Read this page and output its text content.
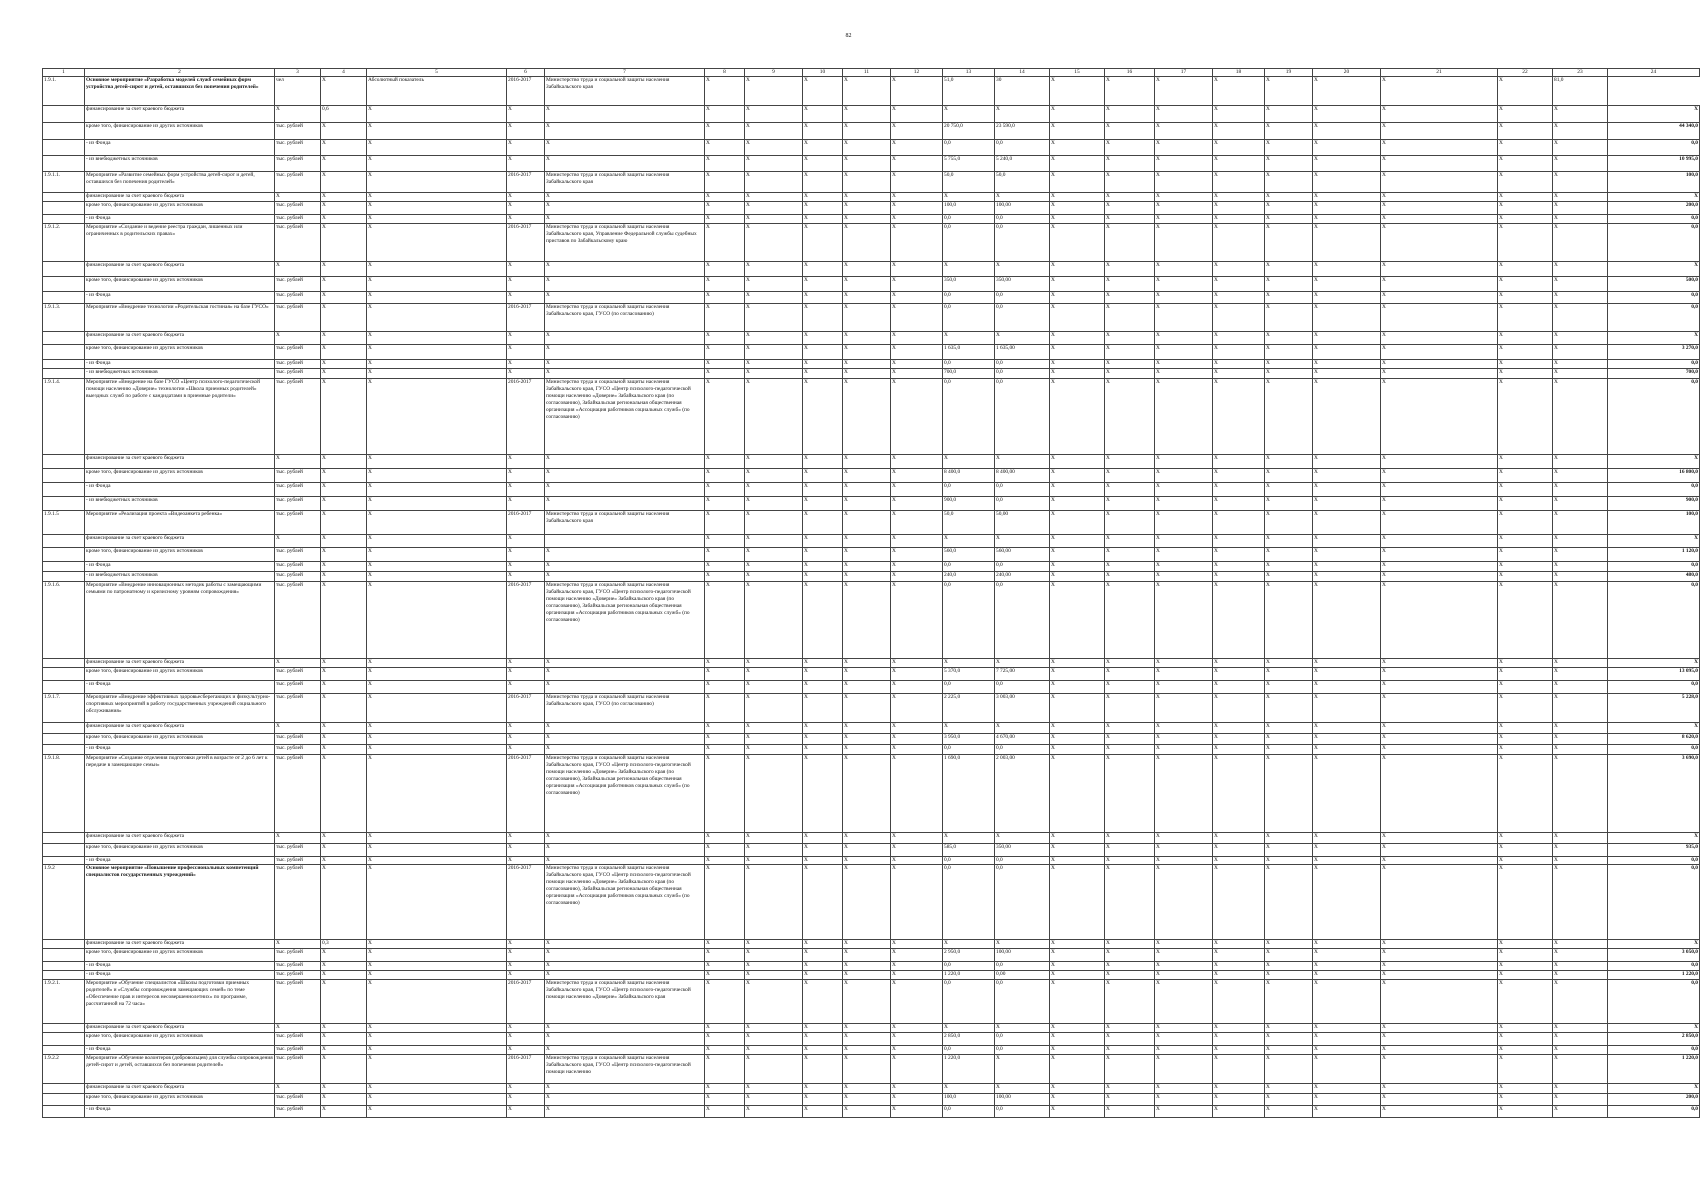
82
1	2	3	4	5	6	7	8	9	10	11	12	13	14	15	16	17	18	19	20	21	22	23	24
1.9.1.	Основное мероприятие «Разработка моделей служб семейных форм устройства детей-сирот и детей, оставшихся без попечения родителей»	чел	Х	Абсолютный показатель	2016-2017	Министерство труда и социальной защиты населения Забайкальского края	Х	Х	Х	Х	Х	51,0	30	Х	Х	Х	Х	Х	Х	Х	Х	81,0	
	финансирование за счет краевого бюджета	Х	0,6	Х	Х	Х	Х	Х	Х	Х	Х	Х	Х	Х	Х	Х	Х	Х	Х	Х	Х	Х	Х
	кроме того, финансирование из других источников	тыс. рублей	Х	Х	Х	Х	Х	Х	Х	Х	Х	20 750,0	23 590,0	Х	Х	Х	Х	Х	Х	Х	Х	Х	44 340,0
	- из Фонда	тыс. рублей	Х	Х	Х	Х	Х	Х	Х	Х	Х	0,0	0,0	Х	Х	Х	Х	Х	Х	Х	Х	Х	0,0
	- из внебюджетных источников	тыс. рублей	Х	Х	Х	Х	Х	Х	Х	Х	Х	5 755,0	5 240,0	Х	Х	Х	Х	Х	Х	Х	Х	Х	10 995,0
1.9.1.1.	Мероприятие «Развитие семейных форм устройства детей-сирот и детей, оставшихся без попечения родителей»	тыс. рублей	Х	Х	2016-2017	Министерство труда и социальной защиты населения Забайкальского края	Х	Х	Х	Х	Х	50,0	50,0	Х	Х	Х	Х	Х	Х	Х	Х	Х	100,0
	финансирование за счет краевого бюджета	Х	Х	Х	Х	Х	Х	Х	Х	Х	Х	Х	Х	Х	Х	Х	Х	Х	Х	Х	Х	Х	Х
	кроме того, финансирование из других источников	тыс. рублей	Х	Х	Х	Х	Х	Х	Х	Х	Х	100,0	100,00	Х	Х	Х	Х	Х	Х	Х	Х	Х	200,0
	- из Фонда	тыс. рублей	Х	Х	Х	Х	Х	Х	Х	Х	Х	0,0	0,0	Х	Х	Х	Х	Х	Х	Х	Х	Х	0,0
1.9.1.2.	Мероприятие «Создание и ведение реестра граждан, лишенных или ограниченных в родительских правах»	тыс. рублей	Х	Х	2016-2017	Министерство труда и социальной защиты населения Забайкальского края, Управление Федеральной службы судебных приставов по Забайкальскому краю	Х	Х	Х	Х	Х	0,0	0,0	Х	Х	Х	Х	Х	Х	Х	Х	Х	0,0
	финансирование за счет краевого бюджета	Х	Х	Х	Х	Х	Х	Х	Х	Х	Х	Х	Х	Х	Х	Х	Х	Х	Х	Х	Х	Х	Х
	кроме того, финансирование из других источников	тыс. рублей	Х	Х	Х	Х	Х	Х	Х	Х	Х	350,0	350,00	Х	Х	Х	Х	Х	Х	Х	Х	Х	500,0
	- из Фонда	тыс. рублей	Х	Х	Х	Х	Х	Х	Х	Х	Х	0,0	0,0	Х	Х	Х	Х	Х	Х	Х	Х	Х	0,0
1.9.1.3.	Мероприятие «Внедрение технологии «Родительская гостиная» на базе ГУСО»	тыс. рублей	Х	Х	2016-2017	Министерство труда и социальной защиты населения Забайкальского края, ГУСО (по согласованию)	Х	Х	Х	Х	Х	0,0	0,0	Х	Х	Х	Х	Х	Х	Х	Х	Х	0,0
	финансирование за счет краевого бюджета	Х	Х	Х	Х	Х	Х	Х	Х	Х	Х	Х	Х	Х	Х	Х	Х	Х	Х	Х	Х	Х	Х
	кроме того, финансирование из других источников	тыс. рублей	Х	Х	Х	Х	Х	Х	Х	Х	Х	1 635,0	1 635,00	Х	Х	Х	Х	Х	Х	Х	Х	Х	3 270,0
	- из Фонда	тыс. рублей	Х	Х	Х	Х	Х	Х	Х	Х	Х	0,0	0,0	Х	Х	Х	Х	Х	Х	Х	Х	Х	0,0
	- из внебюджетных источников	тыс. рублей	Х	Х	Х	Х	Х	Х	Х	Х	Х	700,0	0,0	Х	Х	Х	Х	Х	Х	Х	Х	Х	700,0
1.9.1.4.	Мероприятие «Внедрение на базе ГУСО «Центр психолого-педагогической помощи населению «Доверие» технологии «Школа приемных родителей» выездных служб по работе с кандидатами в приемные родители»	тыс. рублей	Х	Х	2016-2017	Министерство труда и социальной защиты населения Забайкальского края, ГУСО «Центр психолого-педагогической помощи населению «Доверие» Забайкальского края (по согласованию), Забайкальская региональная общественная организация «Ассоциация работников социальных служб» (по согласованию)	Х	Х	Х	Х	Х	0,0	0,0	Х	Х	Х	Х	Х	Х	Х	Х	Х	0,0
	финансирование за счет краевого бюджета	Х	Х	Х	Х	Х	Х	Х	Х	Х	Х	Х	Х	Х	Х	Х	Х	Х	Х	Х	Х	Х	Х
	кроме того, финансирование из других источников	тыс. рублей	Х	Х	Х	Х	Х	Х	Х	Х	Х	8 400,0	8 400,00	Х	Х	Х	Х	Х	Х	Х	Х	Х	16 800,0
	- из Фонда	тыс. рублей	Х	Х	Х	Х	Х	Х	Х	Х	Х	0,0	0,0	Х	Х	Х	Х	Х	Х	Х	Х	Х	0,0
	- из внебюджетных источников	тыс. рублей	Х	Х	Х	Х	Х	Х	Х	Х	Х	900,0	0,0	Х	Х	Х	Х	Х	Х	Х	Х	Х	900,0
1.9.1.5	Мероприятие «Реализация проекта «Видеоанкета ребенка»	тыс. рублей	Х	Х	2016-2017	Министерство труда и социальной защиты населения Забайкальского края	Х	Х	Х	Х	Х	50,0	50,00	Х	Х	Х	Х	Х	Х	Х	Х	Х	100,0
	финансирование за счет краевого бюджета	Х	Х	Х	Х		Х	Х	Х	Х	Х	Х	Х	Х	Х	Х	Х	Х	Х	Х	Х	Х	Х
	кроме того, финансирование из других источников	тыс. рублей	Х	Х	Х	Х	Х	Х	Х	Х	Х	560,0	560,00	Х	Х	Х	Х	Х	Х	Х	Х	Х	1 120,0
	- из Фонда	тыс. рублей	Х	Х	Х	Х	Х	Х	Х	Х	Х	0,0	0,0	Х	Х	Х	Х	Х	Х	Х	Х	Х	0,0
	- из внебюджетных источников	тыс. рублей	Х	Х	Х	Х	Х	Х	Х	Х	Х	240,0	240,00	Х	Х	Х	Х	Х	Х	Х	Х	Х	480,0
1.9.1.6.	Мероприятие «Внедрение инновационных методик работы с замещающими семьями по патронатному и кризисному уровням сопровождения»	тыс. рублей	Х	Х	2016-2017	Министерство труда и социальной защиты населения Забайкальского края, ГУСО «Центр психолого-педагогической помощи населению «Доверие» Забайкальского края (по согласованию), Забайкальская региональная общественная организация «Ассоциация работников социальных служб» (по согласованию)	Х	Х	Х	Х	Х	0,0	0,0	Х	Х	Х	Х	Х	Х	Х	Х	Х	0,0
	финансирование за счет краевого бюджета	Х	Х	Х	Х	Х	Х	Х	Х	Х	Х	Х	Х	Х	Х	Х	Х	Х	Х	Х	Х	Х	Х
	кроме того, финансирование из других источников	тыс. рублей	Х	Х	Х	Х	Х	Х	Х	Х	Х	5 370,0	7 725,00	Х	Х	Х	Х	Х	Х	Х	Х	Х	13 095,0
	- из Фонда	тыс. рублей	Х	Х	Х	Х	Х	Х	Х	Х	Х	0,0	0,0	Х	Х	Х	Х	Х	Х	Х	Х	Х	0,0
1.9.1.7.	Мероприятие «Внедрение эффективных здоровьесберегающих и физкультурно-спортивных мероприятий в работу государственных учреждений социального обслуживания»	тыс. рублей	Х	Х	2016-2017	Министерство труда и социальной защиты населения Забайкальского края, ГУСО (по согласованию)	Х	Х	Х	Х	Х	2 225,0	3 003,00	Х	Х	Х	Х	Х	Х	Х	Х	Х	5 228,0
	финансирование за счет краевого бюджета	Х	Х	Х	Х	Х	Х	Х	Х	Х	Х	Х	Х	Х	Х	Х	Х	Х	Х	Х	Х	Х	Х
	кроме того, финансирование из других источников	тыс. рублей	Х	Х	Х	Х	Х	Х	Х	Х	Х	3 950,0	4 670,00	Х	Х	Х	Х	Х	Х	Х	Х	Х	8 620,0
	- из Фонда	тыс. рублей	Х	Х	Х	Х	Х	Х	Х	Х	Х	0,0	0,0	Х	Х	Х	Х	Х	Х	Х	Х	Х	0,0
1.9.1.8.	Мероприятие «Создание отделения подготовки детей в возрасте от 2 до 6 лет к передаче в замещающие семьи»	тыс. рублей	Х	Х	2016-2017	Министерство труда и социальной защиты населения Забайкальского края, ГУСО «Центр психолого-педагогической помощи населению «Доверие» Забайкальского края (по согласованию), Забайкальская региональная общественная организация «Ассоциация работников социальных служб» (по согласованию)	Х	Х	Х	Х	Х	1 690,0	2 003,00	Х	Х	Х	Х	Х	Х	Х	Х	Х	3 690,0
	финансирование за счет краевого бюджета	Х	Х	Х	Х	Х	Х	Х	Х	Х	Х	Х	Х	Х	Х	Х	Х	Х	Х	Х	Х	Х	Х
	кроме того, финансирование из других источников	тыс. рублей	Х	Х	Х	Х	Х	Х	Х	Х	Х	585,0	350,00	Х	Х	Х	Х	Х	Х	Х	Х	Х	935,0
	- из Фонда	тыс. рублей	Х	Х	Х	Х	Х	Х	Х	Х	Х	0,0	0,0	Х	Х	Х	Х	Х	Х	Х	Х	Х	0,0
1.9.2	Основное мероприятие «Повышение профессиональных компетенций специалистов государственных учреждений»	тыс. рублей	Х	Х	2016-2017	Министерство труда и социальной защиты населения Забайкальского края, ГУСО «Центр психолого-педагогической помощи населению «Доверие» Забайкальского края (по согласованию), Забайкальская региональная общественная организация «Ассоциация работников социальных служб» (по согласованию)	Х	Х	Х	Х	Х	0,0	0,0	Х	Х	Х	Х	Х	Х	Х	Х	Х	0,0
	финансирование за счет краевого бюджета	Х	0,3	Х	Х	Х	Х	Х	Х	Х	Х	Х	Х	Х	Х	Х	Х	Х	Х	Х	Х	Х	Х
	кроме того, финансирование из других источников	тыс. рублей	Х	Х	Х	Х	Х	Х	Х	Х	Х	2 950,0	100,00	Х	Х	Х	Х	Х	Х	Х	Х	Х	3 050,0
	- из Фонда	тыс. рублей	Х	Х	Х	Х	Х	Х	Х	Х	Х	0,0	0,0	Х	Х	Х	Х	Х	Х	Х	Х	Х	0,0
	- из Фонда	тыс. рублей	Х	Х	Х	Х	Х	Х	Х	Х	Х	1 220,0	0,00	Х	Х	Х	Х	Х	Х	Х	Х	Х	1 220,0
1.9.2.1.	Мероприятие «Обучение специалистов «Школы подготовки приемных родителей» и «Службы сопровождения замещающих семей» по теме «Обеспечение прав и интересов несовершеннолетних» по программе, рассчитанной на 72 часа»	тыс. рублей	Х	Х	2016-2017	Министерство труда и социальной защиты населения Забайкальского края, ГУСО «Центр психолого-педагогической помощи населению «Доверие» Забайкальского края	Х	Х	Х	Х	Х	0,0	0,0	Х	Х	Х	Х	Х	Х	Х	Х	Х	0,0
	финансирование за счет краевого бюджета	Х	Х	Х	Х	Х	Х	Х	Х	Х	Х	Х	Х	Х	Х	Х	Х	Х	Х	Х	Х	Х	Х
	кроме того, финансирование из других источников	тыс. рублей	Х	Х	Х	Х	Х	Х	Х	Х	Х	2 850,0	0,0	Х	Х	Х	Х	Х	Х	Х	Х	Х	2 850,0
	- из Фонда	тыс. рублей	Х	Х	Х	Х	Х	Х	Х	Х	Х	0,0	0,0	Х	Х	Х	Х	Х	Х	Х	Х	Х	0,0
1.9.2.2	Мероприятие «Обучение волонтеров (добровольцев) для службы сопровождения детей-сирот и детей, оставшихся без попечения родителей»	тыс. рублей	Х	Х	2016-2017	Министерство труда и социальной защиты населения Забайкальского края, ГУСО «Центр психолого-педагогической помощи населению	Х	Х	Х	Х	Х	1 220,0	Х	Х	Х	Х	Х	Х	Х	Х	Х	Х	1 220,0
	финансирование за счет краевого бюджета	Х	Х	Х	Х	Х	Х	Х	Х	Х	Х	Х	Х	Х	Х	Х	Х	Х	Х	Х	Х	Х	Х
	кроме того, финансирование из других источников	тыс. рублей	Х	Х	Х	Х	Х	Х	Х	Х	Х	100,0	100,00	Х	Х	Х	Х	Х	Х	Х	Х	Х	200,0
	- из Фонда	тыс. рублей	Х	Х	Х	Х	Х	Х	Х	Х	Х	0,0	0,0	Х	Х	Х	Х	Х	Х	Х	Х	Х	0,0
